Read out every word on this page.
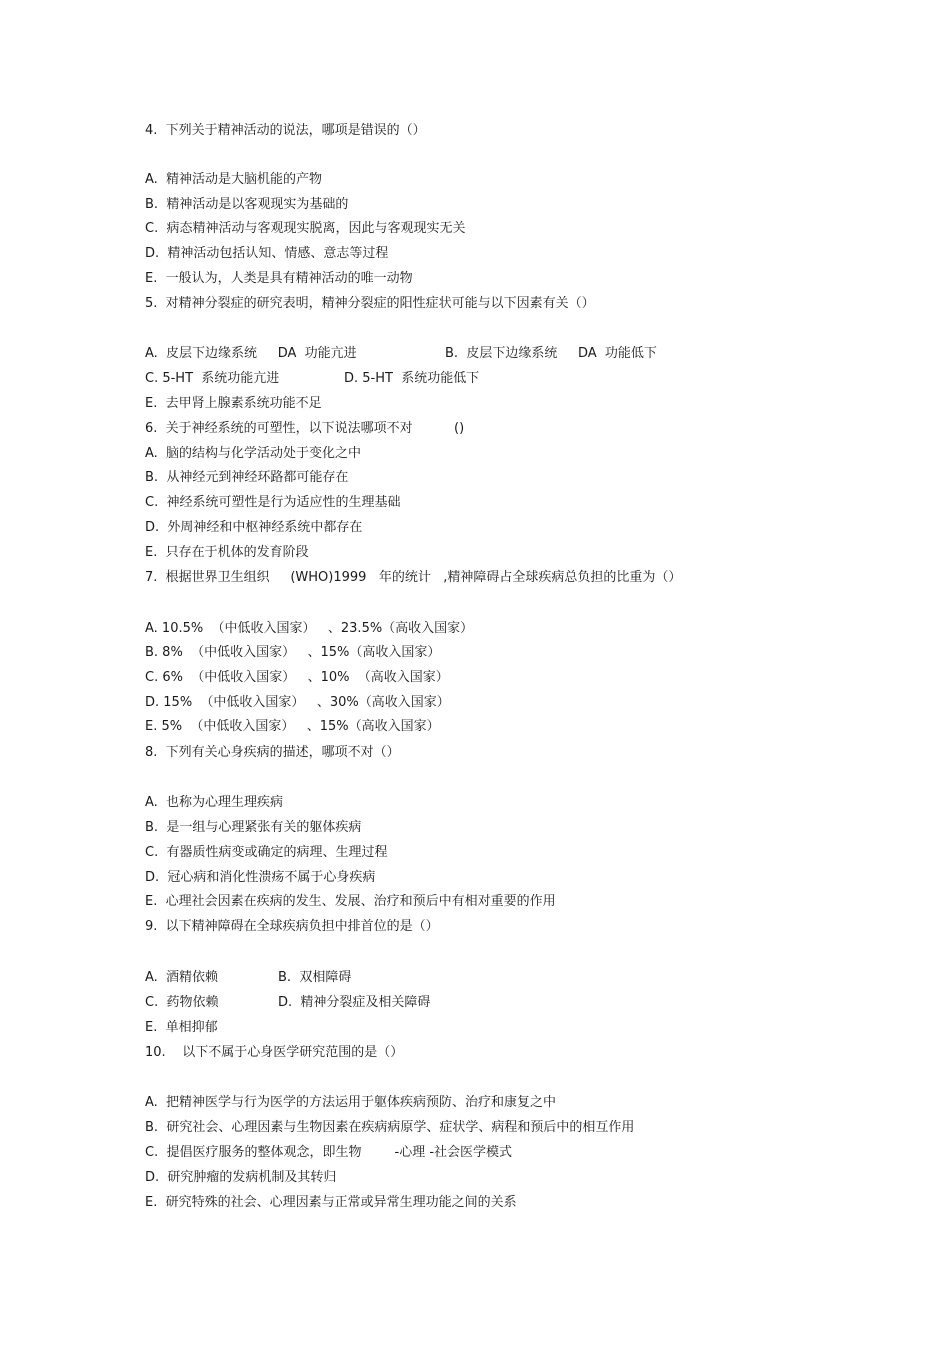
4.  下列关于精神活动的说法，哪项是错误的（）
A.  精神活动是大脑机能的产物
B.  精神活动是以客观现实为基础的
C.  病态精神活动与客观现实脱离，因此与客观现实无关
D.  精神活动包括认知、情感、意志等过程
E.  一般认为，人类是具有精神活动的唯一动物
5.  对精神分裂症的研究表明，精神分裂症的阳性症状可能与以下因素有关（）
A.  皮层下边缘系统     DA  功能亢进	B.  皮层下边缘系统     DA  功能低下
C. 5-HT  系统功能亢进	D. 5-HT  系统功能低下
E.  去甲肾上腺素系统功能不足
6.  关于神经系统的可塑性，以下说法哪项不对          ()
A.  脑的结构与化学活动处于变化之中
B.  从神经元到神经环路都可能存在
C.  神经系统可塑性是行为适应性的生理基础
D.  外周神经和中枢神经系统中都存在
E.  只存在于机体的发育阶段
7.  根据世界卫生组织     (WHO)1999   年的统计   ,精神障碍占全球疾病总负担的比重为（）
A. 10.5%  （中低收入国家）   、23.5%（高收入国家）
B. 8%  （中低收入国家）   、15%（高收入国家）
C. 6%  （中低收入国家）   、10%  （高收入国家）
D. 15%  （中低收入国家）   、30%（高收入国家）
E. 5%  （中低收入国家）   、15%（高收入国家）
8.  下列有关心身疾病的描述，哪项不对（）
A.  也称为心理生理疾病
B.  是一组与心理紧张有关的躯体疾病
C.  有器质性病变或确定的病理、生理过程
D.  冠心病和消化性溃疡不属于心身疾病
E.  心理社会因素在疾病的发生、发展、治疗和预后中有相对重要的作用
9.  以下精神障碍在全球疾病负担中排首位的是（）
A.  酒精依赖	B.  双相障碍
C.  药物依赖	D.  精神分裂症及相关障碍
E.  单相抑郁
10.    以下不属于心身医学研究范围的是（）
A.  把精神医学与行为医学的方法运用于躯体疾病预防、治疗和康复之中
B.  研究社会、心理因素与生物因素在疾病病原学、症状学、病程和预后中的相互作用
C.  提倡医疗服务的整体观念，即生物        -心理 -社会医学模式
D.  研究肿瘤的发病机制及其转归
E.  研究特殊的社会、心理因素与正常或异常生理功能之间的关系
